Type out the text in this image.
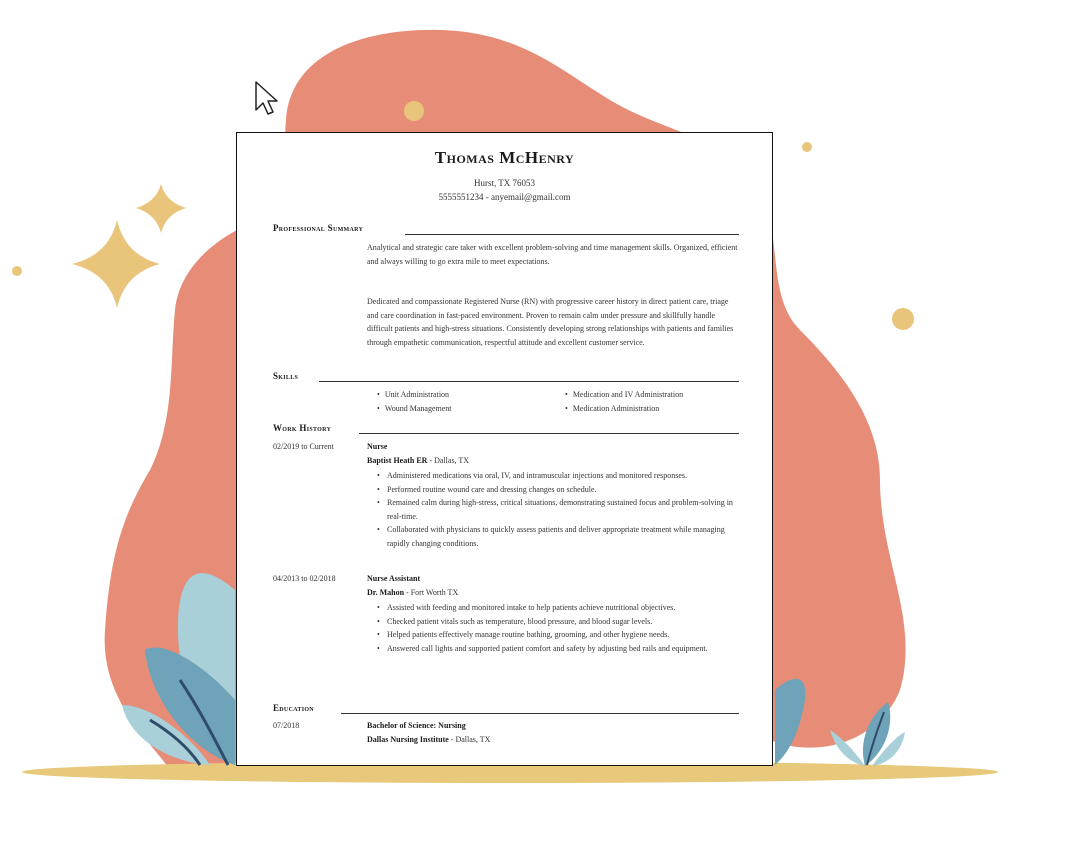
Thomas McHenry
Hurst, TX 76053
5555551234 - anyemail@gmail.com
Professional Summary
Analytical and strategic care taker with excellent problem-solving and time management skills. Organized, efficient and always willing to go extra mile to meet expectations.
Dedicated and compassionate Registered Nurse (RN) with progressive career history in direct patient care, triage and care coordination in fast-paced environment. Proven to remain calm under pressure and skillfully handle difficult patients and high-stress situations. Consistently developing strong relationships with patients and families through empathetic communication, respectful attitude and excellent customer service.
Skills
• Unit Administration	• Medication and IV Administration
• Wound Management	• Medication Administration
Work History
02/2019 to Current	Nurse
Baptist Heath ER - Dallas, TX
• Administered medications via oral, IV, and intramuscular injections and monitored responses.
• Performed routine wound care and dressing changes on schedule.
• Remained calm during high-stress, critical situations, demonstrating sustained focus and problem-solving in real-time.
• Collaborated with physicians to quickly assess patients and deliver appropriate treatment while managing rapidly changing conditions.
04/2013 to 02/2018	Nurse Assistant
Dr. Mahon - Fort Worth TX
• Assisted with feeding and monitored intake to help patients achieve nutritional objectives.
• Checked patient vitals such as temperature, blood pressure, and blood sugar levels.
• Helped patients effectively manage routine bathing, grooming, and other hygiene needs.
• Answered call lights and supported patient comfort and safety by adjusting bed rails and equipment.
Education
07/2018	Bachelor of Science: Nursing
Dallas Nursing Institute - Dallas, TX
